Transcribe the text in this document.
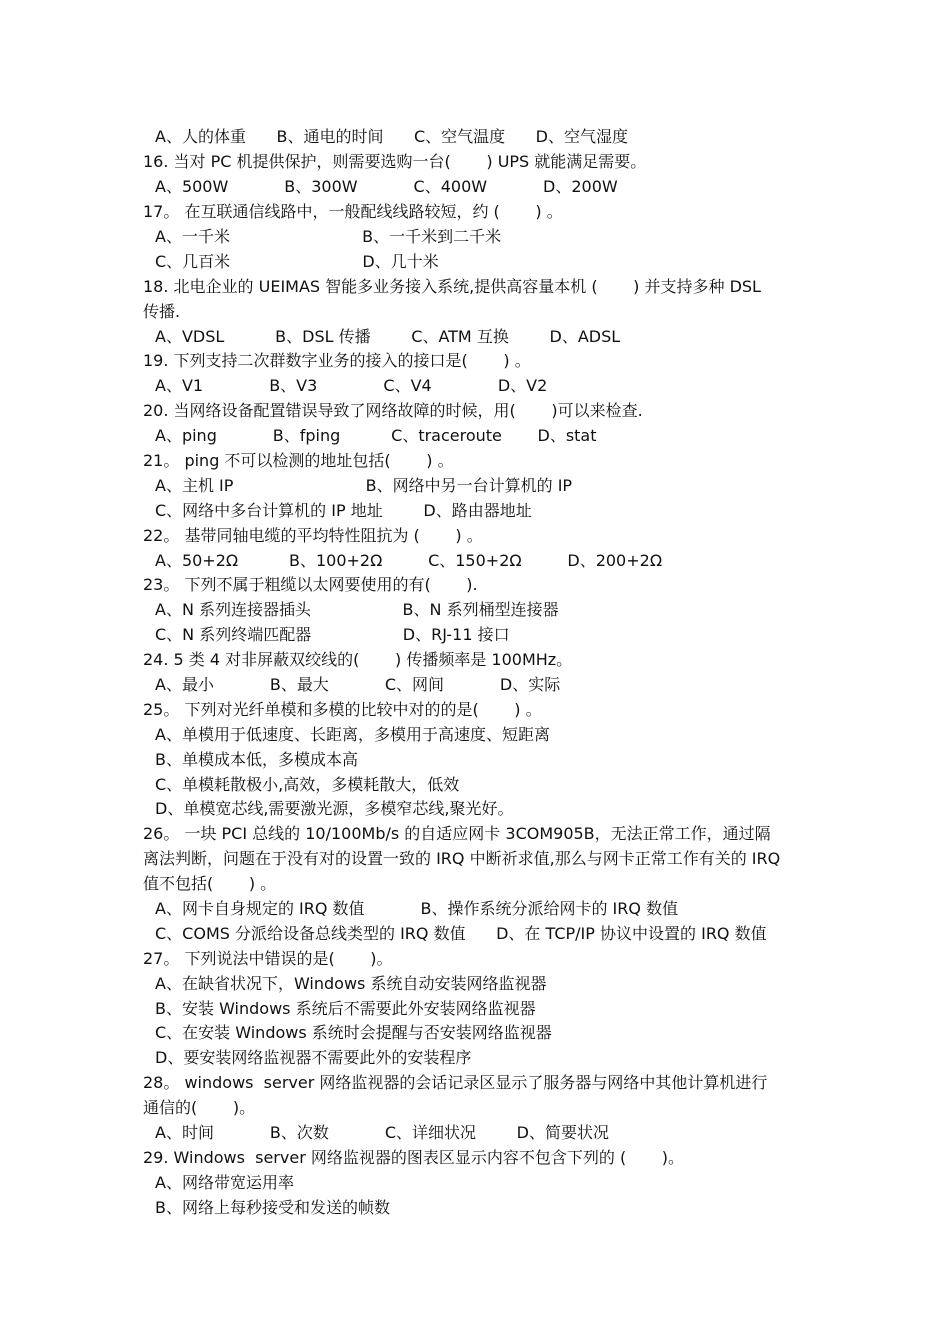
A、人的体重      B、通电的时间      C、空气温度      D、空气湿度
16. 当对 PC 机提供保护，则需要选购一台(       ) UPS 就能满足需要。
A、500W           B、300W           C、400W           D、200W
17。 在互联通信线路中，一般配线线路较短，约 (       ) 。
A、一千米                          B、一千米到二千米
C、几百米                          D、几十米
18. 北电企业的 UEIMAS 智能多业务接入系统,提供高容量本机 (       ) 并支持多种 DSL
传播.
A、VDSL          B、DSL 传播        C、ATM 互换        D、ADSL
19. 下列支持二次群数字业务的接入的接口是(       ) 。
A、V1             B、V3             C、V4             D、V2
20. 当网络设备配置错误导致了网络故障的时候，用(       )可以来检查.
A、ping           B、fping          C、traceroute       D、stat
21。 ping 不可以检测的地址包括(       ) 。
A、主机 IP                          B、网络中另一台计算机的 IP
C、网络中多台计算机的 IP 地址        D、路由器地址
22。 基带同轴电缆的平均特性阻抗为 (       ) 。
A、50+2Ω          B、100+2Ω         C、150+2Ω         D、200+2Ω
23。 下列不属于粗缆以太网要使用的有(       ).
A、N 系列连接器插头                  B、N 系列桶型连接器
C、N 系列终端匹配器                  D、RJ-11 接口
24. 5 类 4 对非屏蔽双绞线的(       ) 传播频率是 100MHz。
A、最小           B、最大           C、网间           D、实际
25。 下列对光纤单模和多模的比较中对的的是(       ) 。
A、单模用于低速度、长距离，多模用于高速度、短距离
B、单模成本低，多模成本高
C、单模耗散极小,高效，多模耗散大，低效
D、单模宽芯线,需要激光源，多模窄芯线,聚光好。
26。 一块 PCI 总线的 10/100Mb/s 的自适应网卡 3COM905B，无法正常工作，通过隔
离法判断，问题在于没有对的设置一致的 IRQ 中断祈求值,那么与网卡正常工作有关的 IRQ
值不包括(       ) 。
A、网卡自身规定的 IRQ 数值           B、操作系统分派给网卡的 IRQ 数值
C、COMS 分派给设备总线类型的 IRQ 数值      D、在 TCP/IP 协议中设置的 IRQ 数值
27。 下列说法中错误的是(       )。
A、在缺省状况下，Windows 系统自动安装网络监视器
B、安装 Windows 系统后不需要此外安装网络监视器
C、在安装 Windows 系统时会提醒与否安装网络监视器
D、要安装网络监视器不需要此外的安装程序
28。 windows  server 网络监视器的会话记录区显示了服务器与网络中其他计算机进行
通信的(       )。
A、时间           B、次数           C、详细状况        D、简要状况
29. Windows  server 网络监视器的图表区显示内容不包含下列的 (       )。
A、网络带宽运用率
B、网络上每秒接受和发送的帧数
